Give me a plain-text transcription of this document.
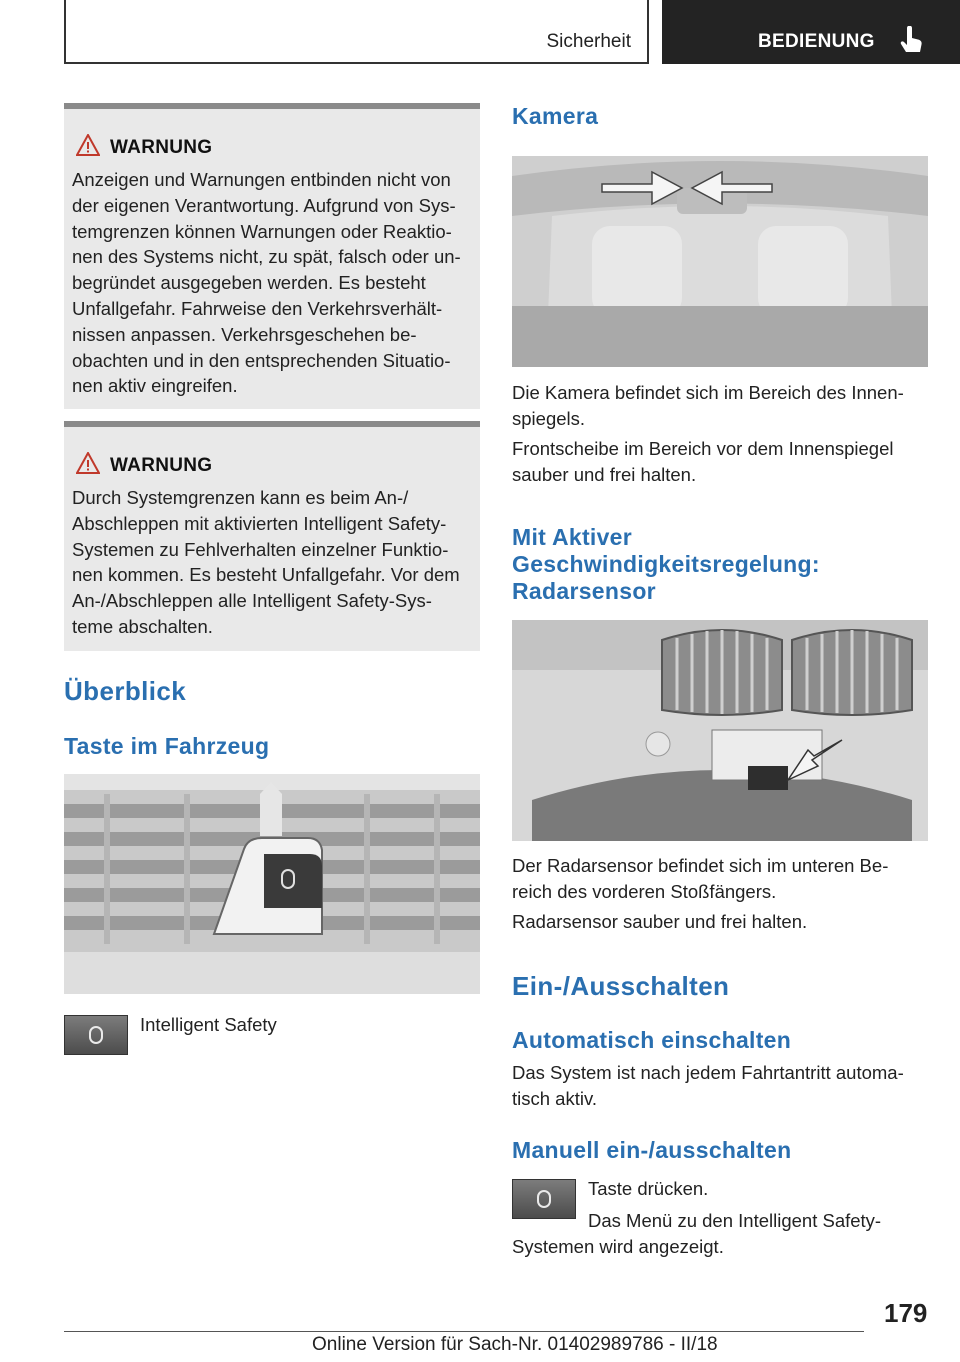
Sicherheit	BEDIENUNG
WARNUNG
Anzeigen und Warnungen entbinden nicht von
der eigenen Verantwortung. Aufgrund von Sys-
temgrenzen können Warnungen oder Reaktio-
nen des Systems nicht, zu spät, falsch oder un-
begründet ausgegeben werden. Es besteht
Unfallgefahr. Fahrweise den Verkehrsverhält-
nissen anpassen. Verkehrsgeschehen be-
obachten und in den entsprechenden Situatio-
nen aktiv eingreifen.
WARNUNG
Durch Systemgrenzen kann es beim An-/
Abschleppen mit aktivierten Intelligent Safety-
Systemen zu Fehlverhalten einzelner Funktio-
nen kommen. Es besteht Unfallgefahr. Vor dem
An-/Abschleppen alle Intelligent Safety-Sys-
teme abschalten.
Überblick
Taste im Fahrzeug
Intelligent Safety
Kamera
Die Kamera befindet sich im Bereich des Innen-
spiegels.
Frontscheibe im Bereich vor dem Innenspiegel
sauber und frei halten.
Mit Aktiver
Geschwindigkeitsregelung:
Radarsensor
Der Radarsensor befindet sich im unteren Be-
reich des vorderen Stoßfängers.
Radarsensor sauber und frei halten.
Ein-/Ausschalten
Automatisch einschalten
Das System ist nach jedem Fahrtantritt automa-
tisch aktiv.
Manuell ein-/ausschalten
Taste drücken.
Das Menü zu den Intelligent Safety-
Systemen wird angezeigt.
179
Online Version für Sach-Nr. 01402989786 - II/18
